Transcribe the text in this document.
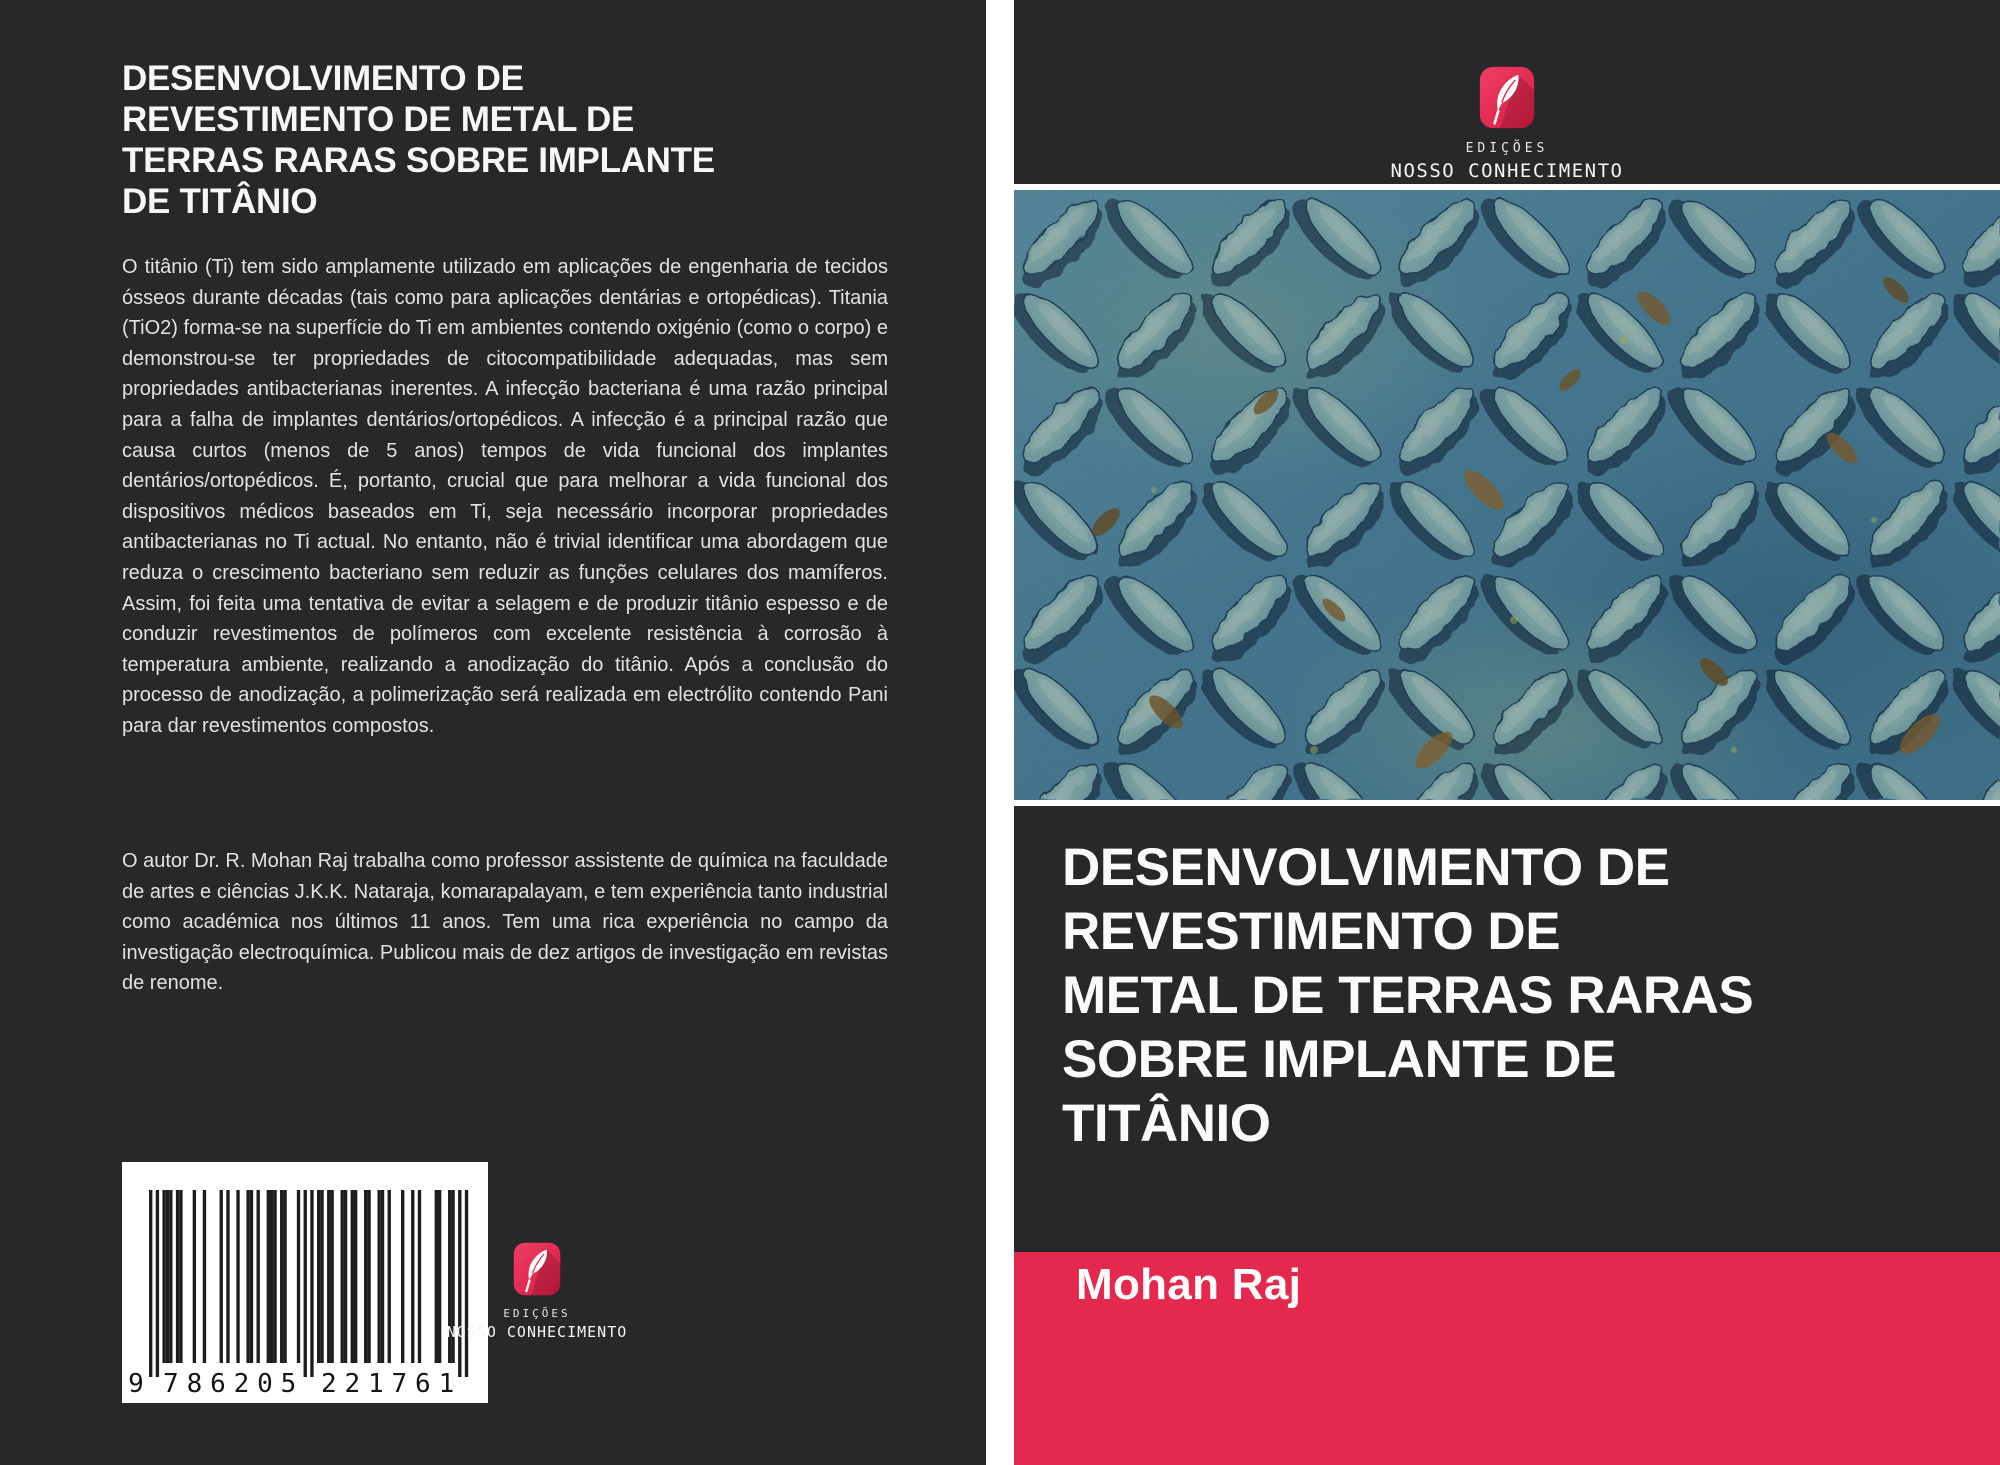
DESENVOLVIMENTO DE
REVESTIMENTO DE METAL DE
TERRAS RARAS SOBRE IMPLANTE
DE TITÂNIO

O titânio (Ti) tem sido amplamente utilizado em aplicações de engenharia de tecidos ósseos durante décadas (tais como para aplicações dentárias e ortopédicas). Titania (TiO2) forma-se na superfície do Ti em ambientes contendo oxigénio (como o corpo) e demonstrou-se ter propriedades de citocompatibilidade adequadas, mas sem propriedades antibacterianas inerentes. A infecção bacteriana é uma razão principal para a falha de implantes dentários/ortopédicos. A infecção é a principal razão que causa curtos (menos de 5 anos) tempos de vida funcional dos implantes dentários/ortopédicos. É, portanto, crucial que para melhorar a vida funcional dos dispositivos médicos baseados em Ti, seja necessário incorporar propriedades antibacterianas no Ti actual. No entanto, não é trivial identificar uma abordagem que reduza o crescimento bacteriano sem reduzir as funções celulares dos mamíferos. Assim, foi feita uma tentativa de evitar a selagem e de produzir titânio espesso e de conduzir revestimentos de polímeros com excelente resistência à corrosão à temperatura ambiente, realizando a anodização do titânio. Após a conclusão do processo de anodização, a polimerização será realizada em electrólito contendo Pani para dar revestimentos compostos.

O autor Dr. R. Mohan Raj trabalha como professor assistente de química na faculdade de artes e ciências J.K.K. Nataraja, komarapalayam, e tem experiência tanto industrial como académica nos últimos 11 anos. Tem uma rica experiência no campo da investigação electroquímica. Publicou mais de dez artigos de investigação em revistas de renome.

9 7 8 6 2 0 5 2 2 1 7 6 1
EDIÇÕES
NOSSO CONHECIMENTO
EDIÇÕES
NOSSO CONHECIMENTO
DESENVOLVIMENTO DE
REVESTIMENTO DE
METAL DE TERRAS RARAS
SOBRE IMPLANTE DE
TITÂNIO
Mohan Raj
